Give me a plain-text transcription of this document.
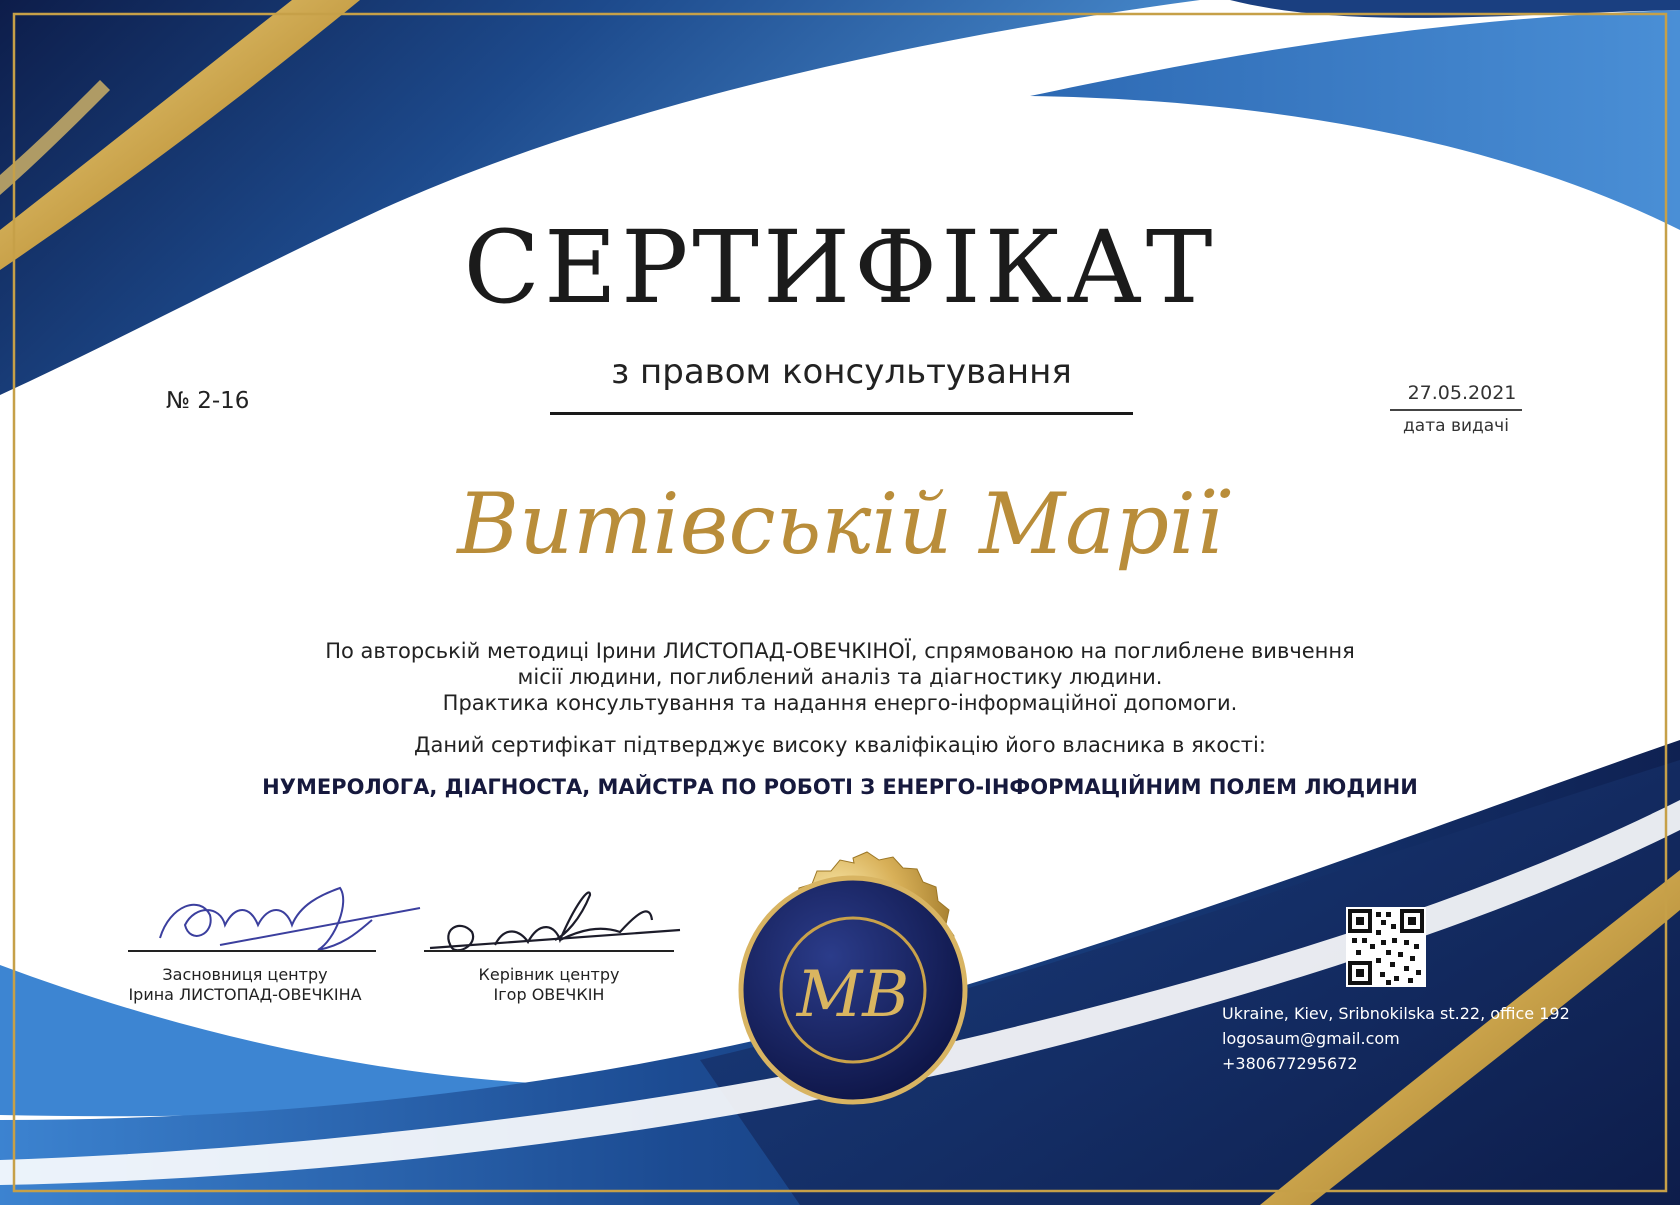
МВ
СЕРТИФІКАТ
з правом консультування
№ 2-16	27.05.2021
дата видачі
Витівській Марії
По авторській методиці Ірини ЛИСТОПАД-ОВЕЧКІНОЇ, спрямованою на поглиблене вивчення
місії людини, поглиблений аналіз та діагностику людини.
Практика консультування та надання енерго-інформаційної допомоги.
Даний сертифікат підтверджує високу кваліфікацію його власника в якості:
НУМЕРОЛОГА, ДІАГНОСТА, МАЙСТРА ПО РОБОТІ З ЕНЕРГО-ІНФОРМАЦІЙНИМ ПОЛЕМ ЛЮДИНИ
Засновниця центру
Ірина ЛИСТОПАД-ОВЕЧКІНА
Керівник центру
Ігор ОВЕЧКІН
Ukraine, Kiev, Sribnokilska st.22, office 192
logosaum@gmail.com
+380677295672
